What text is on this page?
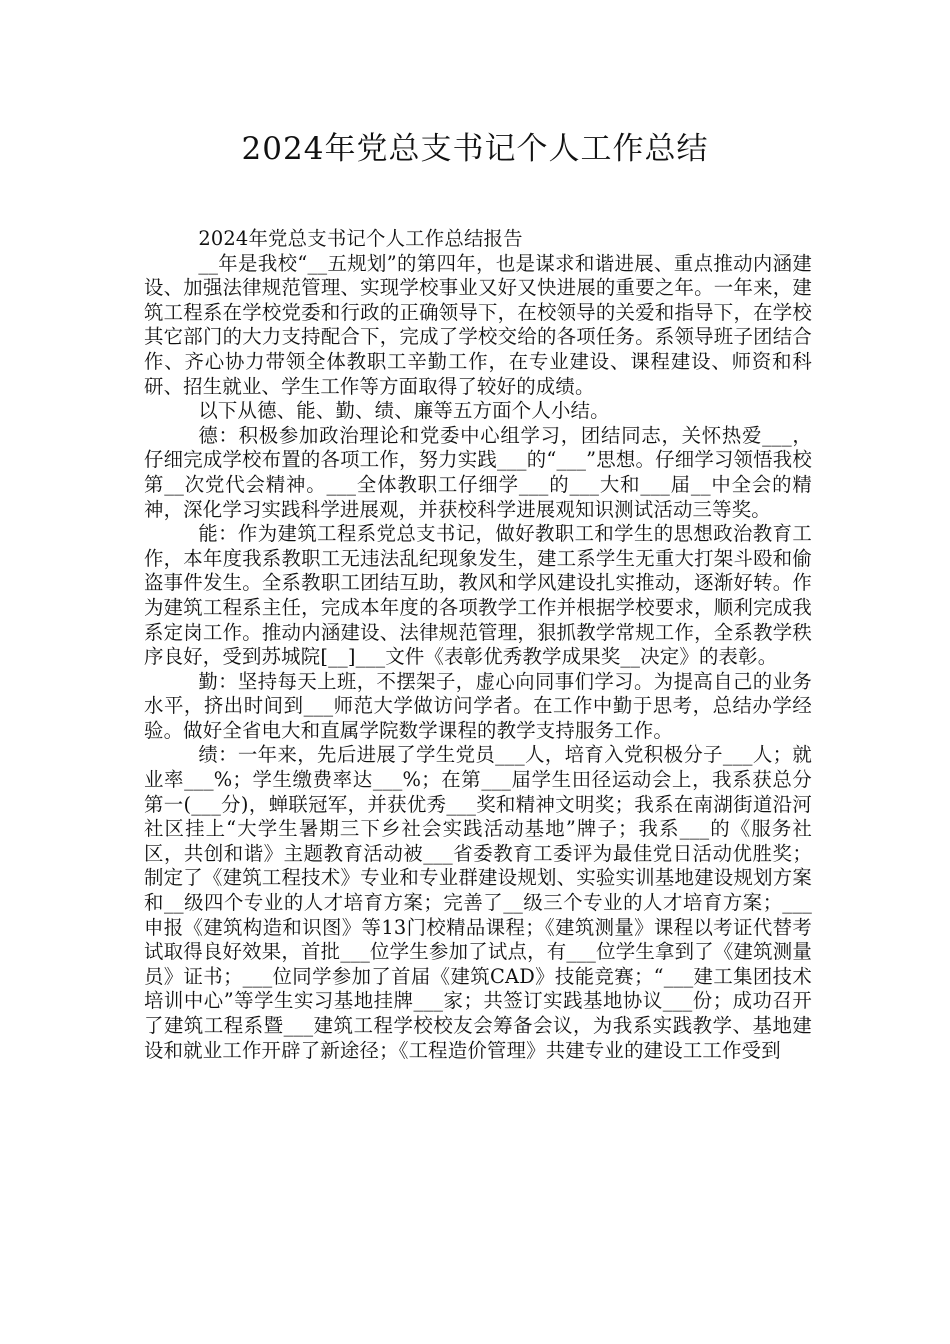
2024年党总支书记个人工作总结

2024年党总支书记个人工作总结报告

__年是我校“__五规划”的第四年，也是谋求和谐进展、重点推动内涵建设、加强法律规范管理、实现学校事业又好又快进展的重要之年。一年来，建筑工程系在学校党委和行政的正确领导下，在校领导的关爱和指导下，在学校其它部门的大力支持配合下，完成了学校交给的各项任务。系领导班子团结合作、齐心协力带领全体教职工辛勤工作，在专业建设、课程建设、师资和科研、招生就业、学生工作等方面取得了较好的成绩。

以下从德、能、勤、绩、廉等五方面个人小结。

德：积极参加政治理论和党委中心组学习，团结同志，关怀热爱___，仔细完成学校布置的各项工作，努力实践___的“___”思想。仔细学习领悟我校第__次党代会精神。___全体教职工仔细学___的___大和___届__中全会的精神，深化学习实践科学进展观，并获校科学进展观知识测试活动三等奖。

能：作为建筑工程系党总支书记，做好教职工和学生的思想政治教育工作，本年度我系教职工无违法乱纪现象发生，建工系学生无重大打架斗殴和偷盗事件发生。全系教职工团结互助，教风和学风建设扎实推动，逐渐好转。作为建筑工程系主任，完成本年度的各项教学工作并根据学校要求，顺利完成我系定岗工作。推动内涵建设、法律规范管理，狠抓教学常规工作，全系教学秩序良好，受到苏城院[__]___文件《表彰优秀教学成果奖__决定》的表彰。

勤：坚持每天上班，不摆架子，虚心向同事们学习。为提高自己的业务水平，挤出时间到___师范大学做访问学者。在工作中勤于思考，总结办学经验。做好全省电大和直属学院数学课程的教学支持服务工作。

绩：一年来，先后进展了学生党员___人，培育入党积极分子___人；就业率___%；学生缴费率达___%；在第___届学生田径运动会上，我系获总分第一(___分)，蝉联冠军，并获优秀___奖和精神文明奖；我系在南湖街道沿河社区挂上“大学生暑期三下乡社会实践活动基地”牌子；我系___的《服务社区，共创和谐》主题教育活动被___省委教育工委评为最佳党日活动优胜奖；制定了《建筑工程技术》专业和专业群建设规划、实验实训基地建设规划方案和__级四个专业的人才培育方案；完善了__级三个专业的人才培育方案；___申报《建筑构造和识图》等13门校精品课程；《建筑测量》课程以考证代替考试取得良好效果，首批___位学生参加了试点，有___位学生拿到了《建筑测量员》证书；___位同学参加了首届《建筑CAD》技能竞赛；“___建工集团技术培训中心”等学生实习基地挂牌___家；共签订实践基地协议___份；成功召开了建筑工程系暨___建筑工程学校校友会筹备会议，为我系实践教学、基地建设和就业工作开辟了新途径；《工程造价管理》共建专业的建设工工作受到
